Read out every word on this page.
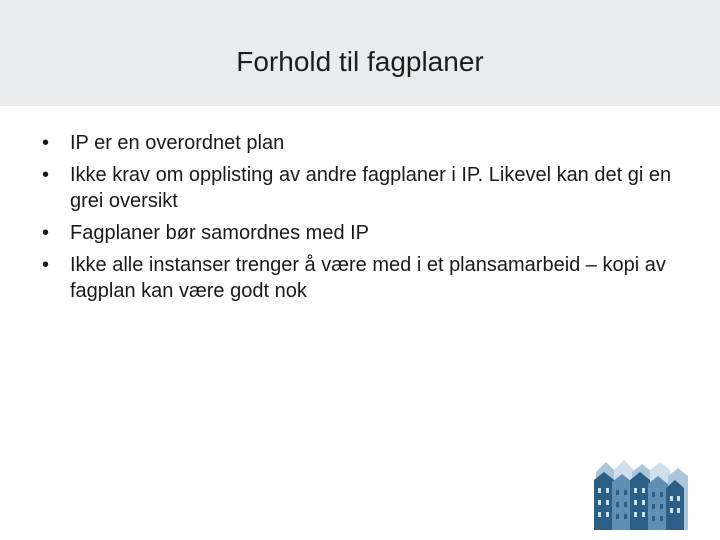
Forhold til fagplaner
•	IP er en overordnet plan
•	Ikke krav om opplisting av andre fagplaner i IP. Likevel kan det gi en grei oversikt
•	Fagplaner bør samordnes med IP
•	Ikke alle instanser trenger å være med i et plansamarbeid – kopi av fagplan kan være godt nok
